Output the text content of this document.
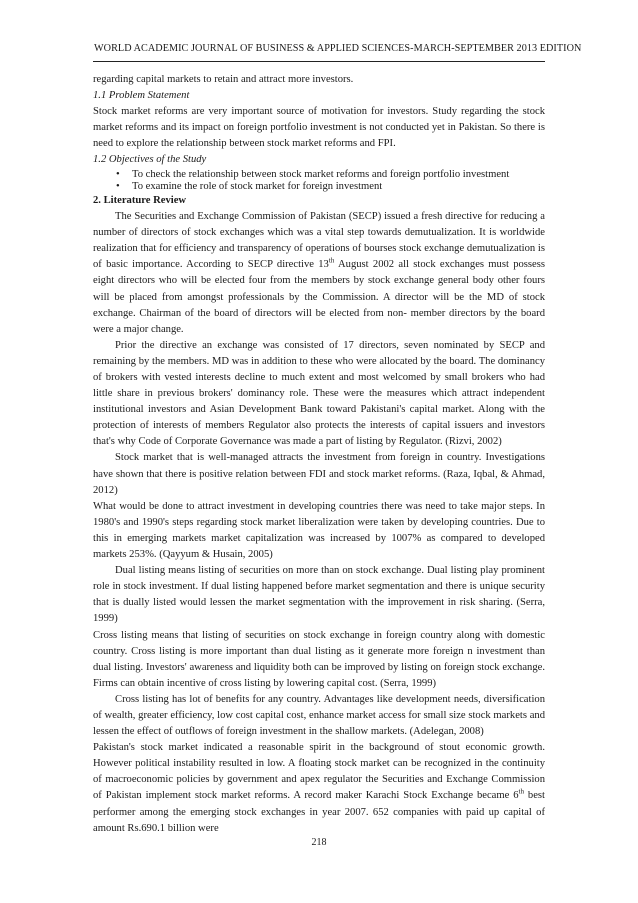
WORLD ACADEMIC JOURNAL OF BUSINESS & APPLIED SCIENCES-MARCH-SEPTEMBER 2013 EDITION

regarding capital markets to retain and attract more investors.

1.1 Problem Statement

Stock market reforms are very important source of motivation for investors. Study regarding the stock market reforms and its impact on foreign portfolio investment is not conducted yet in Pakistan. So there is need to explore the relationship between stock market reforms and FPI.

1.2 Objectives of the Study
• To check the relationship between stock market reforms and foreign portfolio investment
• To examine the role of stock market for foreign investment
2. Literature Review

The Securities and Exchange Commission of Pakistan (SECP) issued a fresh directive for reducing a number of directors of stock exchanges which was a vital step towards demutualization. It is worldwide realization that for efficiency and transparency of operations of bourses stock exchange demutualization is of basic importance. According to SECP directive 13th August 2002 all stock exchanges must possess eight directors who will be elected four from the members by stock exchange general body other fours will be placed from amongst professionals by the Commission. A director will be the MD of stock exchange. Chairman of the board of directors will be elected from non- member directors by the board were a major change.

Prior the directive an exchange was consisted of 17 directors, seven nominated by SECP and remaining by the members. MD was in addition to these who were allocated by the board. The dominancy of brokers with vested interests decline to much extent and most welcomed by small brokers who had little share in previous brokers' dominancy role. These were the measures which attract independent institutional investors and Asian Development Bank toward Pakistani's capital market. Along with the protection of interests of members Regulator also protects the interests of capital issuers and investors that's why Code of Corporate Governance was made a part of listing by Regulator. (Rizvi, 2002)

Stock market that is well-managed attracts the investment from foreign in country. Investigations have shown that there is positive relation between FDI and stock market reforms. (Raza, Iqbal, & Ahmad, 2012)

What would be done to attract investment in developing countries there was need to take major steps. In 1980's and 1990's steps regarding stock market liberalization were taken by developing countries. Due to this in emerging markets market capitalization was increased by 1007% as compared to developed markets 253%. (Qayyum & Husain, 2005)

Dual listing means listing of securities on more than on stock exchange. Dual listing play prominent role in stock investment. If dual listing happened before market segmentation and there is unique security that is dually listed would lessen the market segmentation with the improvement in risk sharing. (Serra, 1999)

Cross listing means that listing of securities on stock exchange in foreign country along with domestic country. Cross listing is more important than dual listing as it generate more foreign n investment than dual listing. Investors' awareness and liquidity both can be improved by listing on foreign stock exchange. Firms can obtain incentive of cross listing by lowering capital cost. (Serra, 1999)

Cross listing has lot of benefits for any country. Advantages like development needs, diversification of wealth, greater efficiency, low cost capital cost, enhance market access for small size stock markets and lessen the effect of outflows of foreign investment in the shallow markets. (Adelegan, 2008)

Pakistan's stock market indicated a reasonable spirit in the background of stout economic growth. However political instability resulted in low. A floating stock market can be recognized in the continuity of macroeconomic policies by government and apex regulator the Securities and Exchange Commission of Pakistan implement stock market reforms. A record maker Karachi Stock Exchange became 6th best performer among the emerging stock exchanges in year 2007. 652 companies with paid up capital of amount Rs.690.1 billion were

218
